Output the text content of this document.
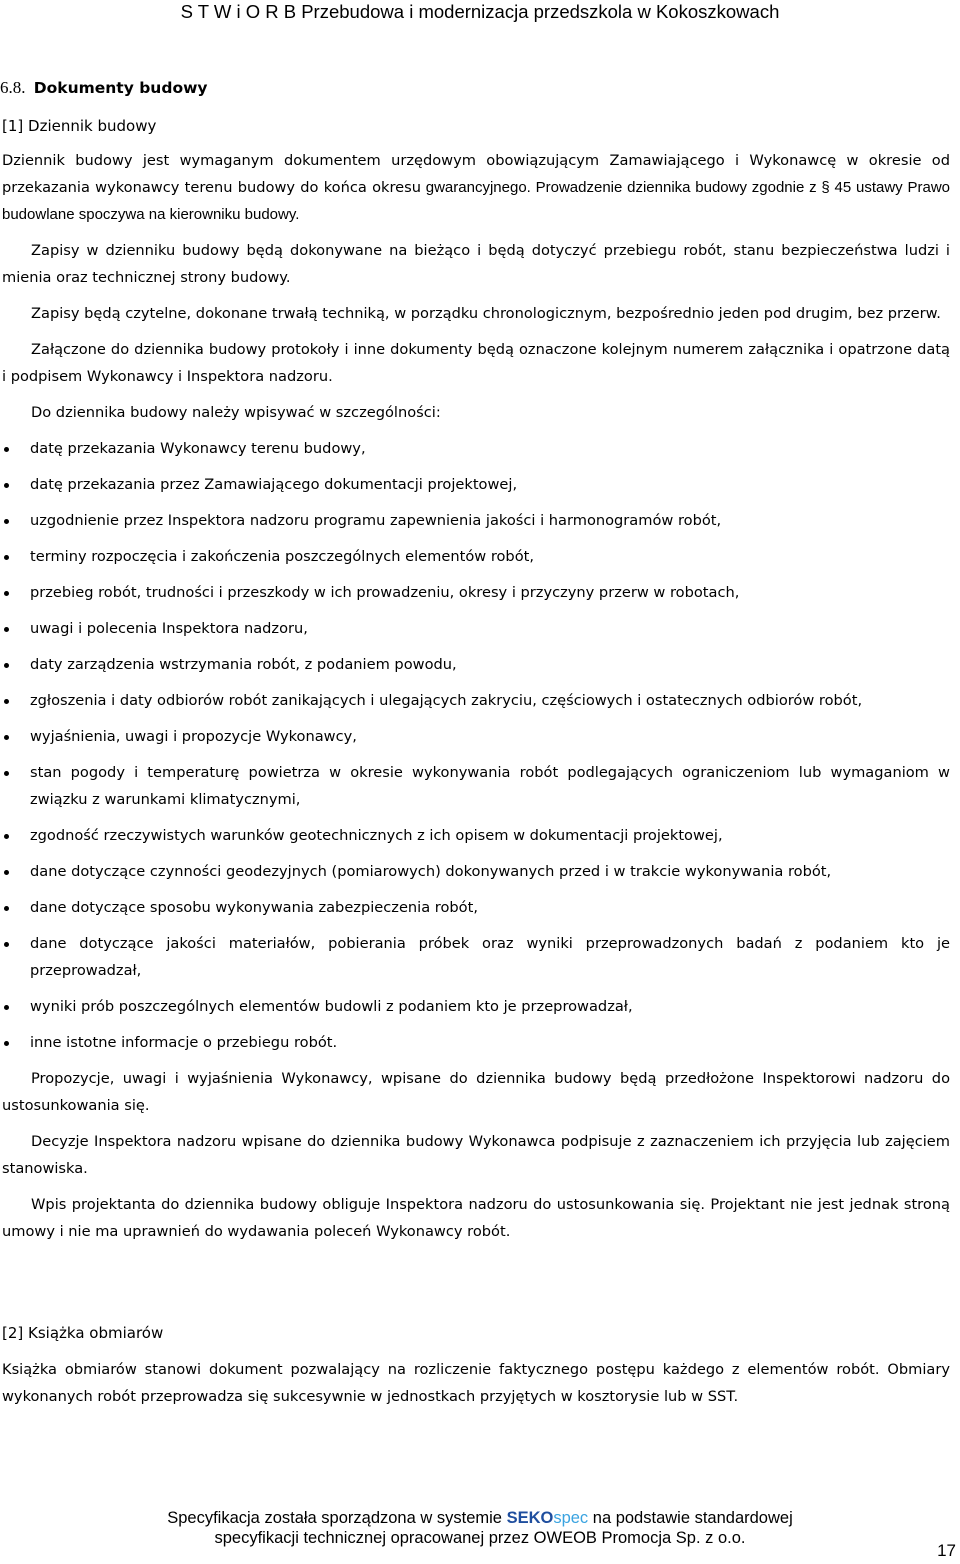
S T W i O R B Przebudowa i modernizacja przedszkola w Kokoszkowach
6.8. Dokumenty budowy
[1] Dziennik budowy

Dziennik budowy jest wymaganym dokumentem urzędowym obowiązującym Zamawiającego i Wykonawcę w okresie od przekazania wykonawcy terenu budowy do końca okresu gwarancyjnego. Prowadzenie dziennika budowy zgodnie z § 45 ustawy Prawo budowlane spoczywa na kierowniku budowy.

Zapisy w dzienniku budowy będą dokonywane na bieżąco i będą dotyczyć przebiegu robót, stanu bezpieczeństwa ludzi i mienia oraz technicznej strony budowy.

Zapisy będą czytelne, dokonane trwałą techniką, w porządku chronologicznym, bezpośrednio jeden pod drugim, bez przerw.

Załączone do dziennika budowy protokoły i inne dokumenty będą oznaczone kolejnym numerem załącznika i opatrzone datą i podpisem Wykonawcy i Inspektora nadzoru.

Do dziennika budowy należy wpisywać w szczególności:

datę przekazania Wykonawcy terenu budowy,
datę przekazania przez Zamawiającego dokumentacji projektowej,
uzgodnienie przez Inspektora nadzoru programu zapewnienia jakości i harmonogramów robót,
terminy rozpoczęcia i zakończenia poszczególnych elementów robót,
przebieg robót, trudności i przeszkody w ich prowadzeniu, okresy i przyczyny przerw w robotach,
uwagi i polecenia Inspektora nadzoru,
daty zarządzenia wstrzymania robót, z podaniem powodu,
zgłoszenia i daty odbiorów robót zanikających i ulegających zakryciu, częściowych i ostatecznych odbiorów robót,
wyjaśnienia, uwagi i propozycje Wykonawcy,
stan pogody i temperaturę powietrza w okresie wykonywania robót podlegających ograniczeniom lub wymaganiom w związku z warunkami klimatycznymi,
zgodność rzeczywistych warunków geotechnicznych z ich opisem w dokumentacji projektowej,
dane dotyczące czynności geodezyjnych (pomiarowych) dokonywanych przed i w trakcie wykonywania robót,
dane dotyczące sposobu wykonywania zabezpieczenia robót,
dane dotyczące jakości materiałów, pobierania próbek oraz wyniki przeprowadzonych badań z podaniem kto je przeprowadzał,
wyniki prób poszczególnych elementów budowli z podaniem kto je przeprowadzał,
inne istotne informacje o przebiegu robót.

Propozycje, uwagi i wyjaśnienia Wykonawcy, wpisane do dziennika budowy będą przedłożone Inspektorowi nadzoru do ustosunkowania się.

Decyzje Inspektora nadzoru wpisane do dziennika budowy Wykonawca podpisuje z zaznaczeniem ich przyjęcia lub zajęciem stanowiska.

Wpis projektanta do dziennika budowy obliguje Inspektora nadzoru do ustosunkowania się. Projektant nie jest jednak stroną umowy i nie ma uprawnień do wydawania poleceń Wykonawcy robót.

[2] Książka obmiarów

Książka obmiarów stanowi dokument pozwalający na rozliczenie faktycznego postępu każdego z elementów robót. Obmiary wykonanych robót przeprowadza się sukcesywnie w jednostkach przyjętych w kosztorysie lub w SST.

Specyfikacja została sporządzona w systemie SEKOspec na podstawie standardowej
specyfikacji technicznej opracowanej przez OWEOB Promocja Sp. z o.o.
17
